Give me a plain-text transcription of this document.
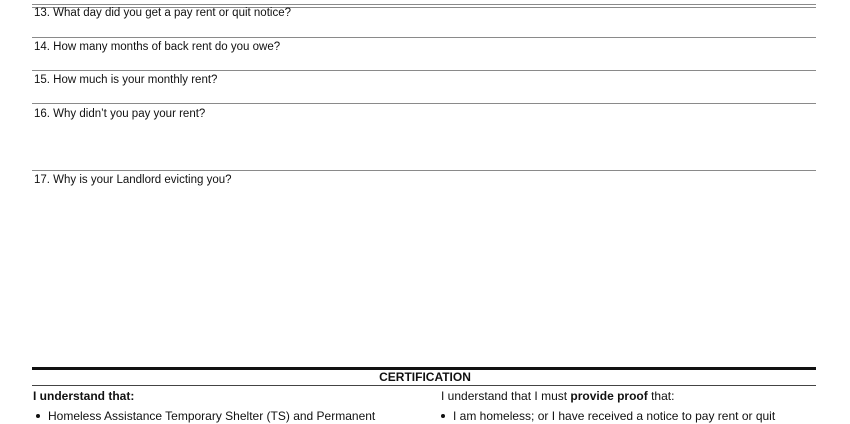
13. What day did you get a pay rent or quit notice?
14. How many months of back rent do you owe?
15. How much is your monthly rent?
16. Why didn’t you pay your rent?
17. Why is your Landlord evicting you?
CERTIFICATION
I understand that:	I understand that I must provide proof that:
Homeless Assistance Temporary Shelter (TS) and Permanent	I am homeless; or I have received a notice to pay rent or quit
